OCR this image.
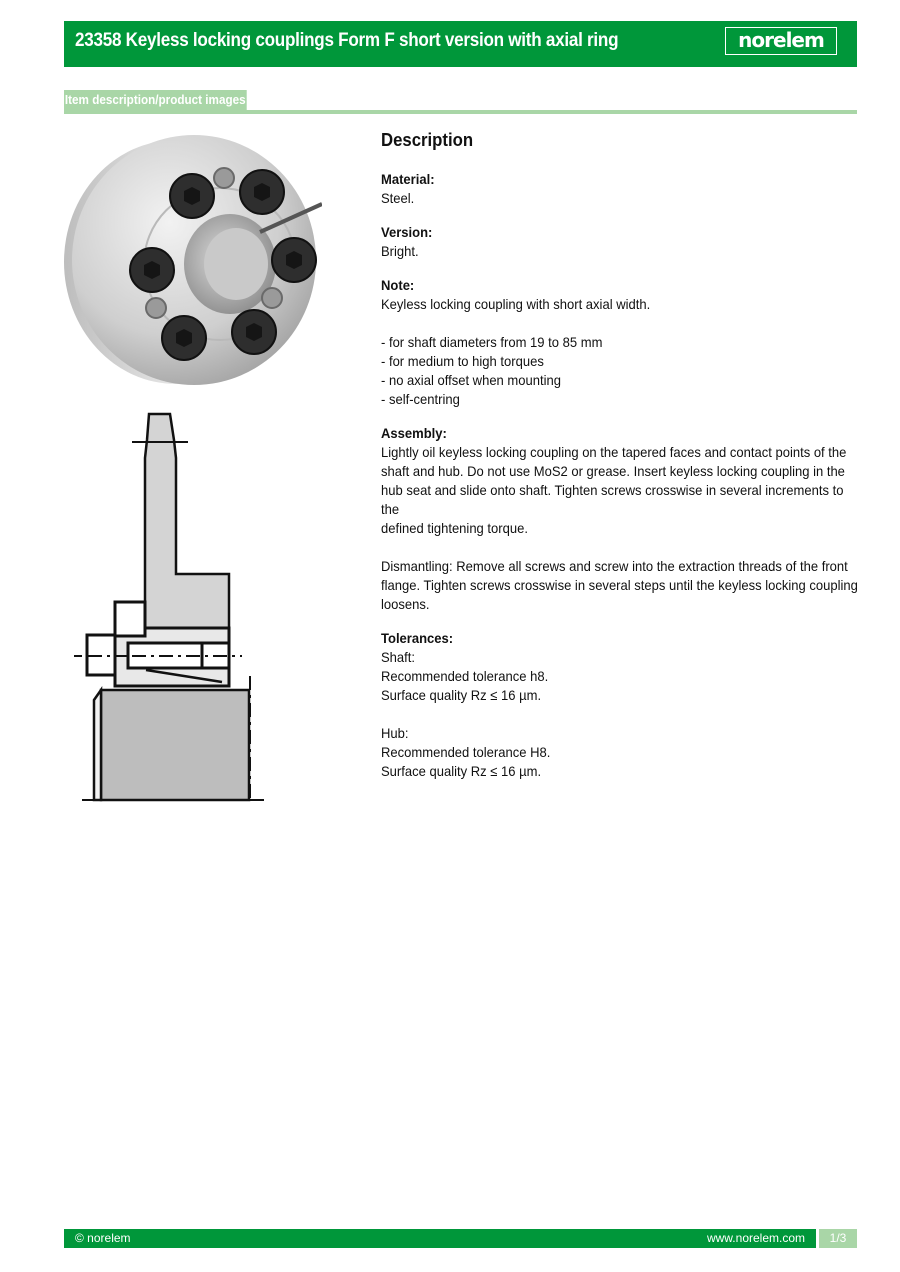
23358 Keyless locking couplings Form F short version with axial ring	norelem
Item description/product images
Description
Material:
Steel.
Version:
Bright.
Note:
Keyless locking coupling with short axial width.
- for shaft diameters from 19 to 85 mm
- for medium to high torques
- no axial offset when mounting
- self-centring
Assembly:
Lightly oil keyless locking coupling on the tapered faces and contact points of the
shaft and hub. Do not use MoS2 or grease. Insert keyless locking coupling in the
hub seat and slide onto shaft. Tighten screws crosswise in several increments to the
defined tightening torque.
Dismantling: Remove all screws and screw into the extraction threads of the front
flange. Tighten screws crosswise in several steps until the keyless locking coupling
loosens.
Tolerances:
Shaft:
Recommended tolerance h8.
Surface quality Rz ≤ 16 µm.
Hub:
Recommended tolerance H8.
Surface quality Rz ≤ 16 µm.
© norelem	www.norelem.com	1/3
